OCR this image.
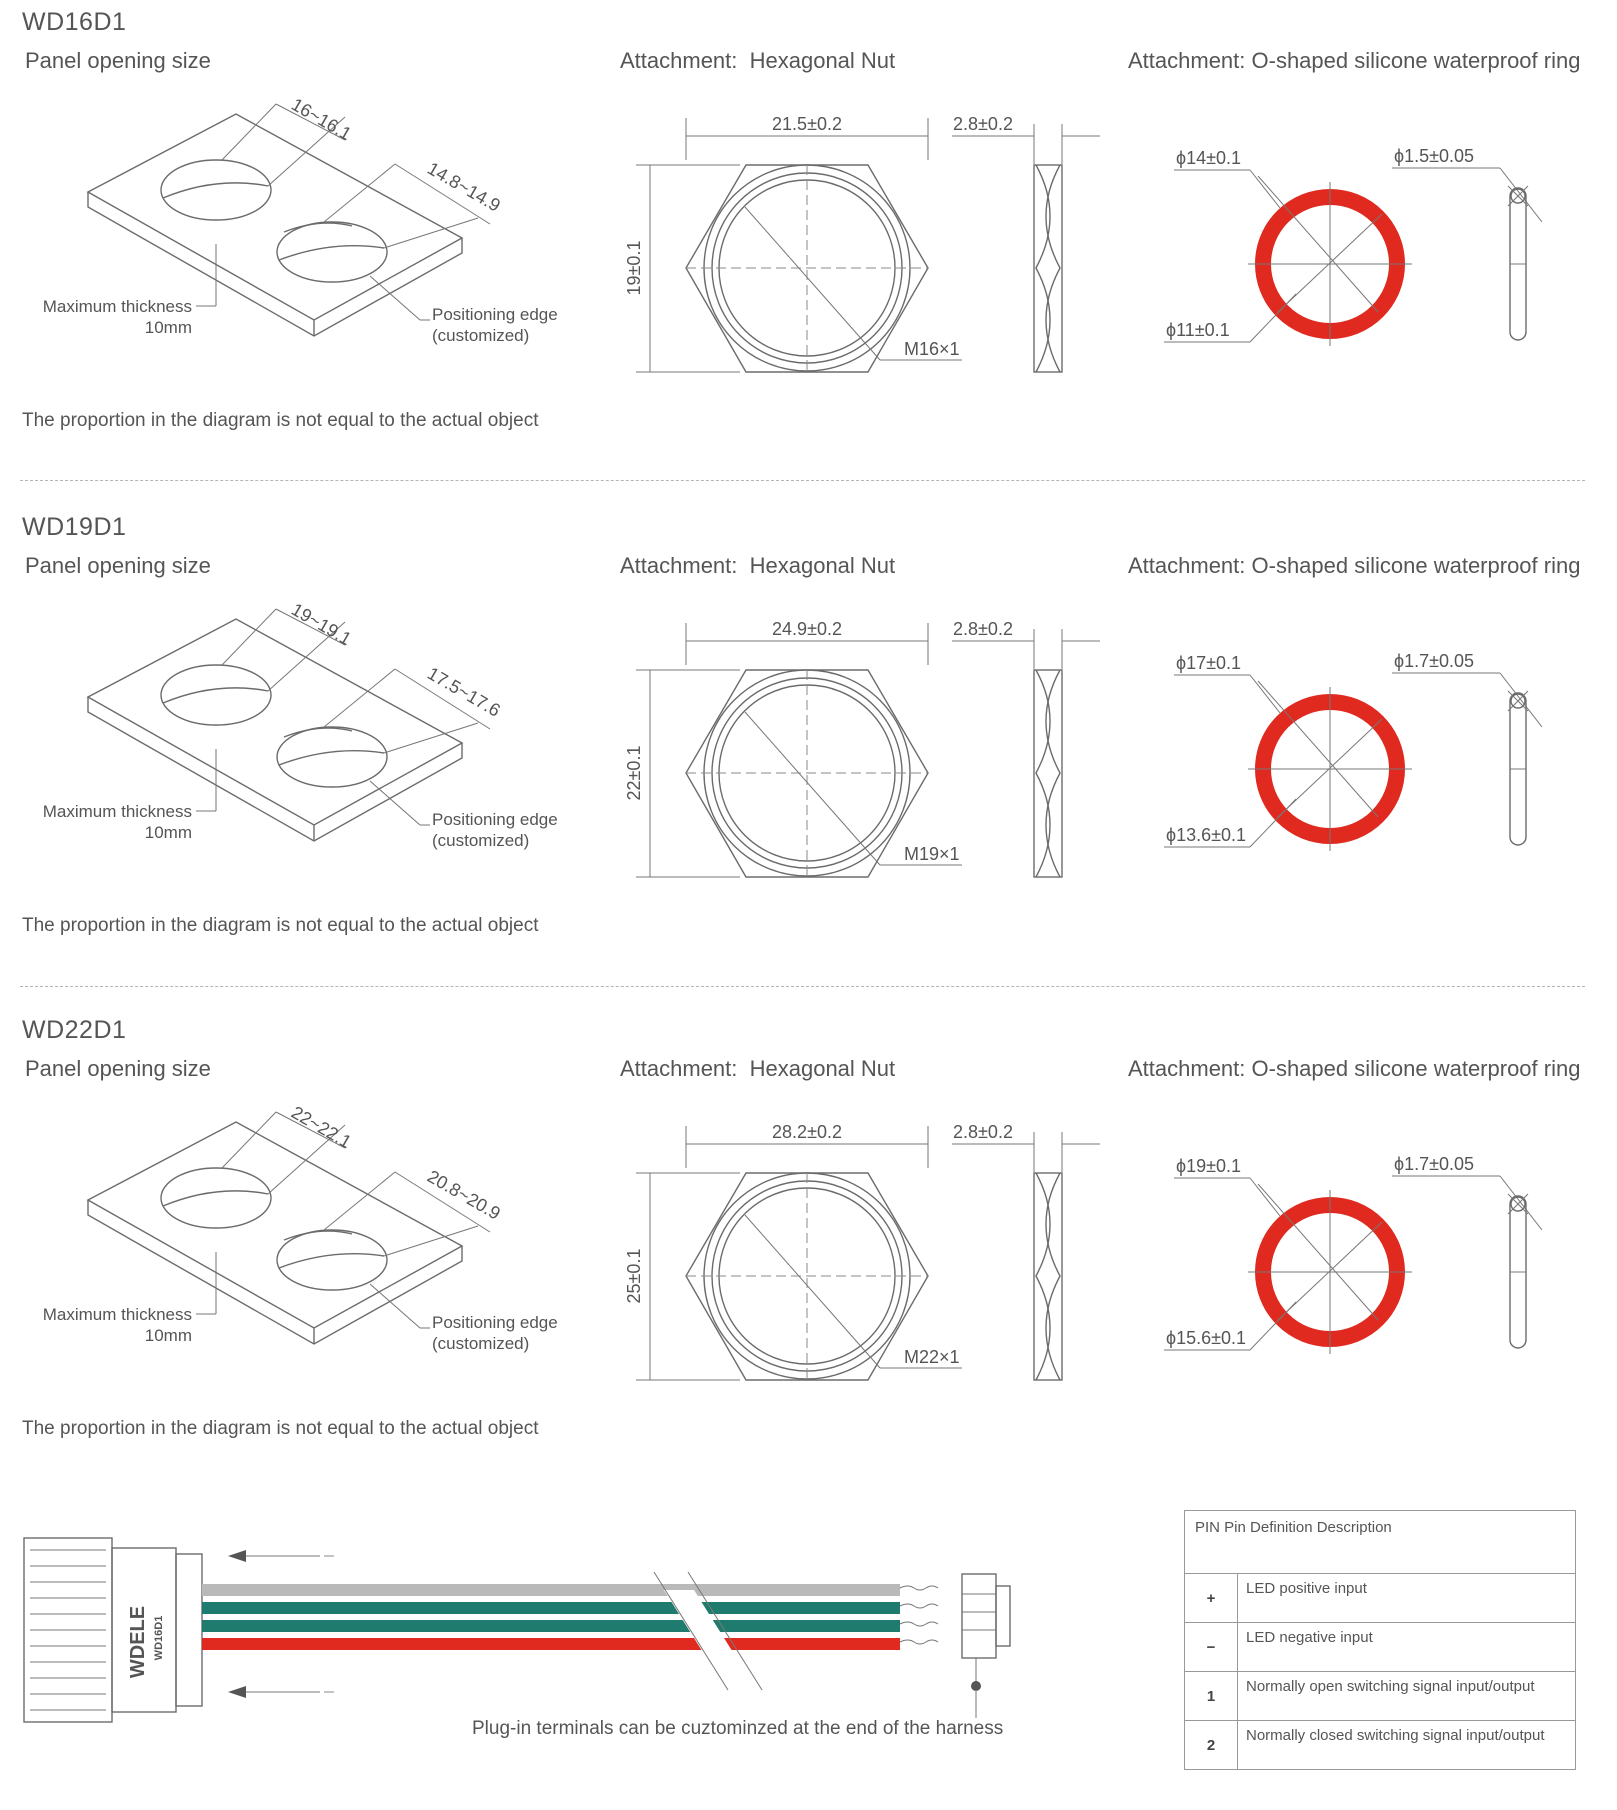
WD16D1
Panel opening size	Attachment:  Hexagonal Nut	Attachment: O-shaped silicone waterproof ring
16~16.1
14.8~14.9
Maximum thickness
10mm
Positioning edge
(customized)
21.5±0.2
19±0.1
M16×1
2.8±0.2
ϕ14±0.1
ϕ11±0.1
ϕ1.5±0.05
The proportion in the diagram is not equal to the actual object
WD19D1
Panel opening size	Attachment:  Hexagonal Nut	Attachment: O-shaped silicone waterproof ring
19~19.1
17.5~17.6
Maximum thickness
10mm
Positioning edge
(customized)
24.9±0.2
22±0.1
M19×1
2.8±0.2
ϕ17±0.1
ϕ13.6±0.1
ϕ1.7±0.05
The proportion in the diagram is not equal to the actual object
WD22D1
Panel opening size	Attachment:  Hexagonal Nut	Attachment: O-shaped silicone waterproof ring
22~22.1
20.8~20.9
Maximum thickness
10mm
Positioning edge
(customized)
28.2±0.2
25±0.1
M22×1
2.8±0.2
ϕ19±0.1
ϕ15.6±0.1
ϕ1.7±0.05
The proportion in the diagram is not equal to the actual object
WDELE WD16D1
Plug-in terminals can be cuztominzed at the end of the harness
PIN Pin Definition Description	
+	LED positive input
−	LED negative input
1	Normally open switching signal input/output
2	Normally closed switching signal input/output
